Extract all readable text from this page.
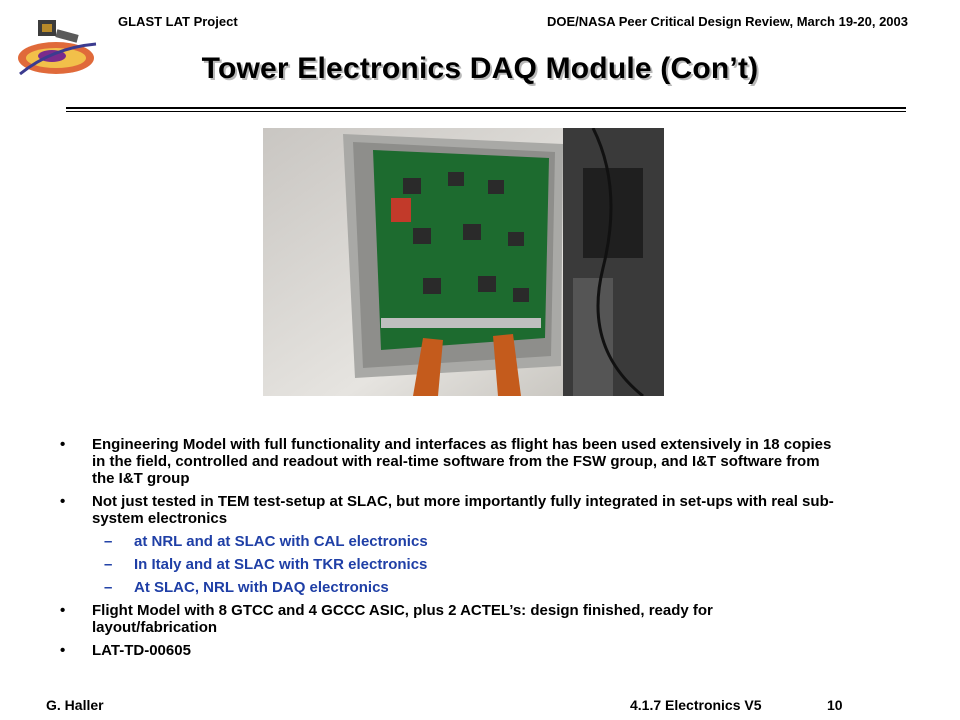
GLAST LAT Project	DOE/NASA Peer Critical Design Review, March 19-20, 2003
Tower Electronics DAQ Module (Con’t)
• Engineering Model with full functionality and interfaces as flight has been used extensively in 18 copies in the field, controlled and readout with real-time software from the FSW group, and I&T software from the I&T group
• Not just tested in TEM test-setup at SLAC, but more importantly fully integrated in set-ups with real sub-system electronics
– at NRL and at SLAC with CAL electronics
– In Italy and at SLAC with TKR electronics
– At SLAC, NRL with DAQ electronics
• Flight Model with 8 GTCC and 4 GCCC ASIC, plus 2 ACTEL’s: design finished, ready for layout/fabrication
• LAT-TD-00605
G. Haller	4.1.7 Electronics V5	10
